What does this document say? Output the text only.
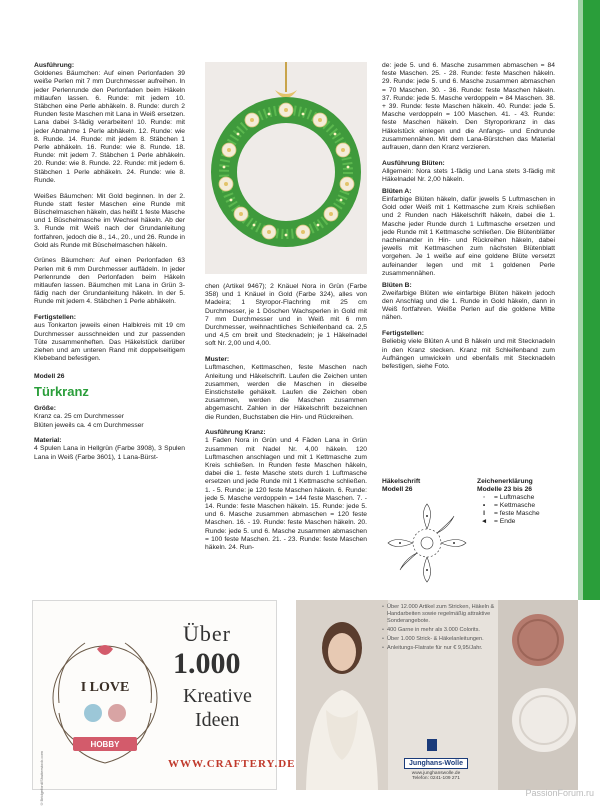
Ausführung:
Goldenes Bäumchen: Auf einen Perlonfaden 39 weiße Perlen mit 7 mm Durchmesser aufreihen. In jeder Perlenrunde den Perlonfaden beim Häkeln mitlaufen lassen. 6. Runde: mit jedem 10. Stäbchen eine Perle abhäkeln. 8. Runde: durch 2 Runden feste Maschen mit Lana in Weiß ersetzen. Lana dabei 3-fädig verarbeiten! 10. Runde: mit jeder Abnahme 1 Perle abhäkeln. 12. Runde: wie 8. Runde. 14. Runde: mit jedem 8. Stäbchen 1 Perle abhäkeln. 16. Runde: wie 8. Runde. 18. Runde: mit jedem 7. Stäbchen 1 Perle abhäkeln. 20. Runde: wie 8. Runde. 22. Runde: mit jedem 6. Stäbchen 1 Perle abhäkeln. 24. Runde: wie 8. Runde.

Weißes Bäumchen: Mit Gold beginnen. In der 2. Runde statt fester Maschen eine Runde mit Büschelmaschen häkeln, das heißt 1 feste Masche und 1 Büschelmasche im Wechsel häkeln. Ab der 3. Runde mit Weiß nach der Grundanleitung fortfahren, jedoch die 8., 14., 20., und 26. Runde in Gold als Runde mit Büschelmaschen häkeln.

Grünes Bäumchen: Auf einen Perlonfaden 63 Perlen mit 6 mm Durchmesser auffädeln. In jeder Perlenrunde den Perlonfaden beim Häkeln mitlaufen lassen. Bäumchen mit Lana in Grün 3-fädig nach der Grundanleitung häkeln. In der 5. Runde mit jedem 4. Stäbchen 1 Perle abhäkeln.

Fertigstellen:
aus Tonkarton jeweils einen Halbkreis mit 19 cm Durchmesser ausschneiden und zur passenden Tüte zusammenheften. Das Häkelstück darüber ziehen und am unteren Rand mit doppelseitigem Klebeband befestigen.

Modell 26
Türkranz

Größe:
Kranz ca. 25 cm Durchmesser
Blüten jeweils ca. 4 cm Durchmesser

Material:
4 Spulen Lana in Hellgrün (Farbe 3908), 3 Spulen Lana in Weiß (Farbe 3601), 1 Lana-Bürst-

chen (Artikel 9467); 2 Knäuel Nora in Grün (Farbe 358) und 1 Knäuel in Gold (Farbe 324), alles von Madeira; 1 Styropor-Flachring mit 25 cm Durchmesser, je 1 Döschen Wachsperlen in Gold mit 7 mm Durchmesser und in Weiß mit 6 mm Durchmesser, weihnachtliches Schleifenband ca. 2,5 und 4,5 cm breit und Stecknadeln; je 1 Häkelnadel soft Nr. 2,00 und 4,00.

Muster:
Luftmaschen, Kettmaschen, feste Maschen nach Anleitung und Häkelschrift. Laufen die Zeichen unten zusammen, werden die Maschen in dieselbe Einstichstelle gehäkelt. Laufen die Zeichen oben zusammen, werden die Maschen zusammen abgemascht. Zahlen in der Häkelschrift bezeichnen die Runden, Buchstaben die Hin- und Rückreihen.

Ausführung Kranz:
1 Faden Nora in Grün und 4 Fäden Lana in Grün zusammen mit Nadel Nr. 4,00 häkeln. 120 Luftmaschen anschlagen und mit 1 Kettmasche zum Kreis schließen. In Runden feste Maschen häkeln, dabei die 1. feste Masche stets durch 1 Luftmasche ersetzen und jede Runde mit 1 Kettmasche schließen. 1. - 5. Runde: je 120 feste Maschen häkeln. 6. Runde: jede 5. Masche verdoppeln = 144 feste Maschen. 7. - 14. Runde: feste Maschen häkeln. 15. Runde: jede 5. und 6. Masche zusammen abmaschen = 120 feste Maschen. 16. - 19. Runde: feste Maschen häkeln. 20. Runde: jede 5. und 6. Masche zusammen abmaschen = 100 feste Maschen. 21. - 23. Runde: feste Maschen häkeln. 24. Run-

de: jede 5. und 6. Masche zusammen abmaschen = 84 feste Maschen. 25. - 28. Runde: feste Maschen häkeln. 29. Runde: jede 5. und 6. Masche zusammen abmaschen = 70 Maschen. 30. - 36. Runde: feste Maschen häkeln. 37. Runde: jede 5. Masche verdoppeln = 84 Maschen. 38. + 39. Runde: feste Maschen häkeln. 40. Runde: jede 5. Masche verdoppeln = 100 Maschen. 41. - 43. Runde: feste Maschen häkeln. Den Styroporkranz in das Häkelstück einlegen und die Anfangs- und Endrunde zusammennähen. Mit dem Lana-Bürstchen das Material aufrauen, dann den Kranz verzieren.

Ausführung Blüten:
Allgemein: Nora stets 1-fädig und Lana stets 3-fädig mit Häkelnadel Nr. 2,00 häkeln.

Blüten A:
Einfarbige Blüten häkeln, dafür jewells 5 Luftmaschen in Gold oder Weiß mit 1 Kettmasche zum Kreis schließen und 2 Runden nach Häkelschrift häkeln, dabei die 1. Masche jeder Runde durch 1 Luftmasche ersetzen und jede Runde mit 1 Kettmasche schließen. Die Blütenblätter nacheinander in Hin- und Rückreihen häkeln, dabei jewells mit Kettmaschen zum nächsten Blütenblatt vorgehen. Je 1 weiße auf eine goldene Blüte versetzt aufeinander legen und mit 1 goldenen Perle zusammennähen.

Blüten B:
Zweifarbige Blüten wie einfarbige Blüten häkeln jedoch den Anschlag und die 1. Runde in Gold häkeln, dann in Weiß fortfahren. Weiße Perlen auf die goldene Mitte nähen.

Fertigstellen:
Beliebig viele Blüten A und B häkeln und mit Stecknadeln in den Kranz stecken. Kranz mit Schleifenband zum Aufhängen umwickeln und ebenfalls mit Stecknadeln befestigen, siehe Foto.

Häkelschrift
Modell 26
Zeichenerklärung
Modelle 23 bis 26
◦	= Luftmasche
•	= Kettmasche
I	= feste Masche
◄ = Ende
I LOVE
HOBBY
Über
1.000
Kreative
Ideen
WWW.CRAFTERY.DE
©Bridgeford/Shutterstock.com
• Über 12.000 Artikel zum Stricken, Häkeln & Handarbeiten sowie regelmäßig attraktive Sonderangebote.
• 400 Garne in mehr als 3.000 Colorits.
• Über 1.000 Strick- & Häkelanleitungen.
• Anleitungs-Flatrate für nur € 9,95/Jahr.
Junghans-Wolle
www.junghanswolle.de
Telefon: 0241-109 271
PassionForum.ru
